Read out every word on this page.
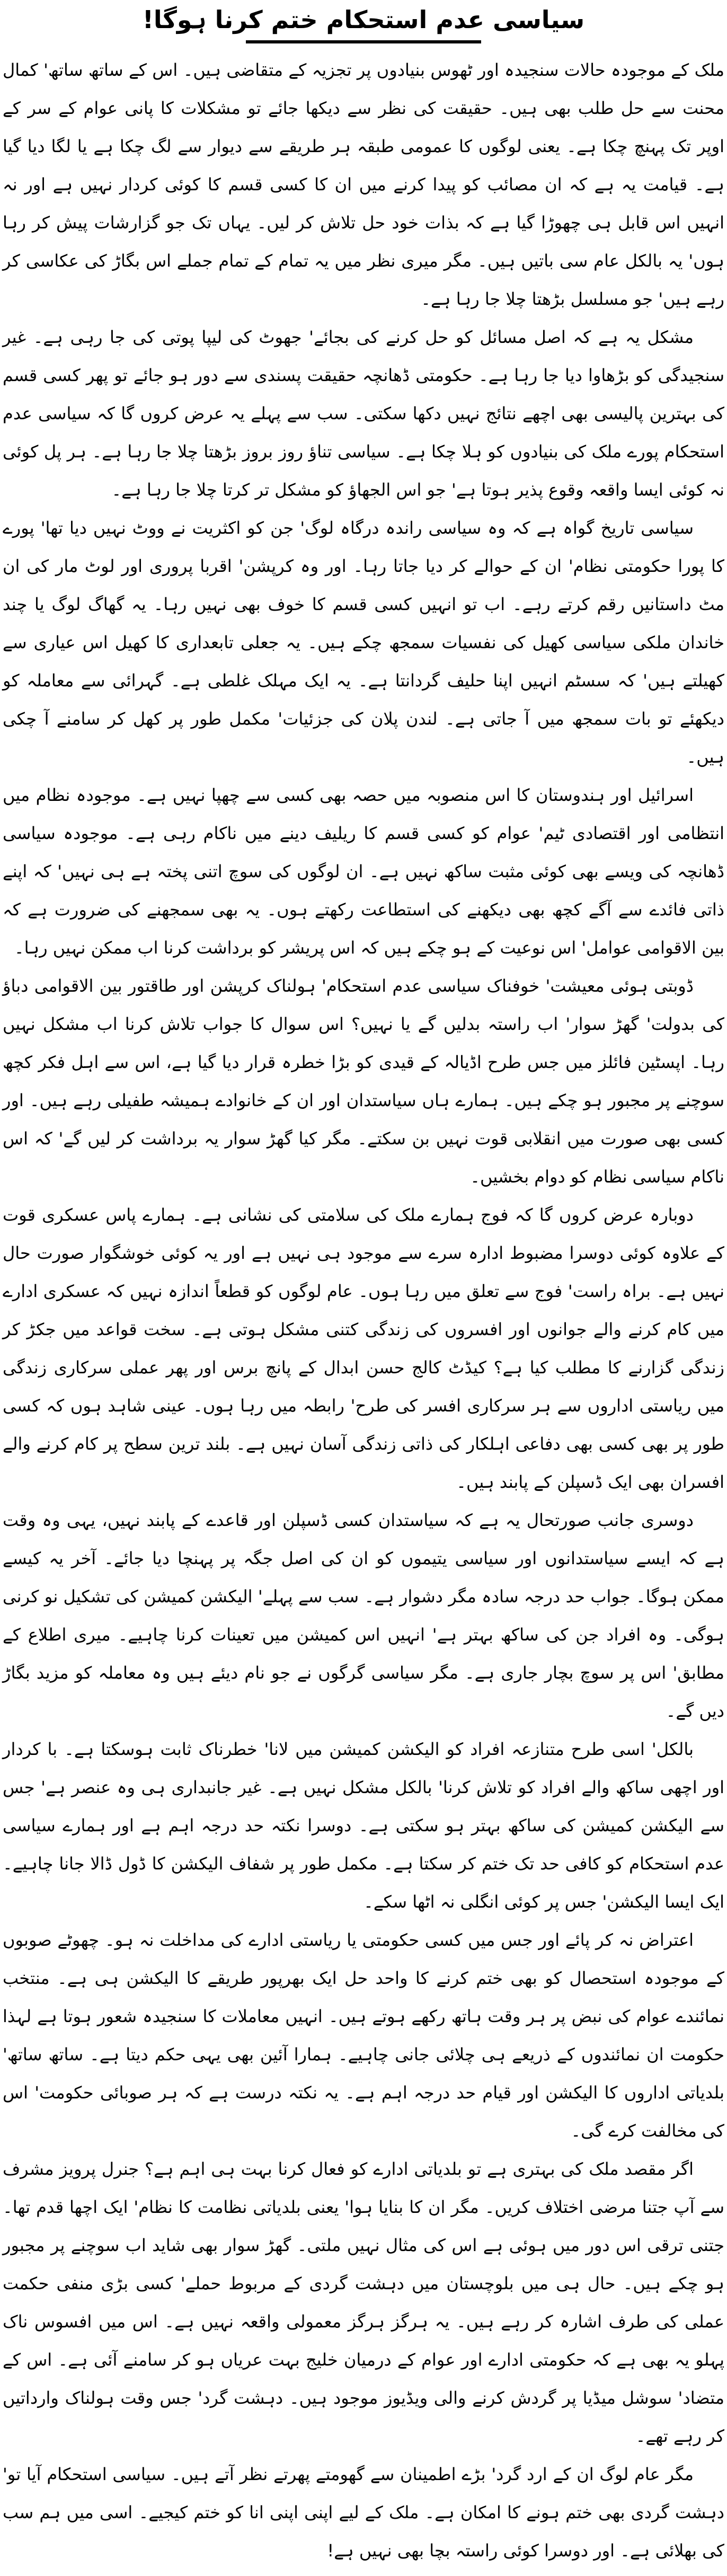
سیاسی عدم استحکام ختم کرنا ہوگا!

ملک کے موجودہ حالات سنجیدہ اور ٹھوس بنیادوں پر تجزیہ کے متقاضی ہیں۔ اس کے ساتھ ساتھ' کمال محنت سے حل طلب بھی ہیں۔ حقیقت کی نظر سے دیکھا جائے تو مشکلات کا پانی عوام کے سر کے اوپر تک پہنچ چکا ہے۔ یعنی لوگوں کا عمومی طبقہ ہر طریقے سے دیوار سے لگ چکا ہے یا لگا دیا گیا ہے۔ قیامت یہ ہے کہ ان مصائب کو پیدا کرنے میں ان کا کسی قسم کا کوئی کردار نہیں ہے اور نہ انہیں اس قابل ہی چھوڑا گیا ہے کہ بذات خود حل تلاش کر لیں۔ یہاں تک جو گزارشات پیش کر رہا ہوں' یہ بالکل عام سی باتیں ہیں۔ مگر میری نظر میں یہ تمام کے تمام جملے اس بگاڑ کی عکاسی کر رہے ہیں' جو مسلسل بڑھتا چلا جا رہا ہے۔

مشکل یہ ہے کہ اصل مسائل کو حل کرنے کی بجائے' جھوٹ کی لیپا پوتی کی جا رہی ہے۔ غیر سنجیدگی کو بڑھاوا دیا جا رہا ہے۔ حکومتی ڈھانچہ حقیقت پسندی سے دور ہو جائے تو پھر کسی قسم کی بہترین پالیسی بھی اچھے نتائج نہیں دکھا سکتی۔ سب سے پہلے یہ عرض کروں گا کہ سیاسی عدم استحکام پورے ملک کی بنیادوں کو ہلا چکا ہے۔ سیاسی تناؤ روز بروز بڑھتا چلا جا رہا ہے۔ ہر پل کوئی نہ کوئی ایسا واقعہ وقوع پذیر ہوتا ہے' جو اس الجھاؤ کو مشکل تر کرتا چلا جا رہا ہے۔

سیاسی تاریخ گواہ ہے کہ وہ سیاسی راندہ درگاہ لوگ' جن کو اکثریت نے ووٹ نہیں دیا تھا' پورے کا پورا حکومتی نظام' ان کے حوالے کر دیا جاتا رہا۔ اور وہ کرپشن' اقربا پروری اور لوٹ مار کی ان مٹ داستانیں رقم کرتے رہے۔ اب تو انہیں کسی قسم کا خوف بھی نہیں رہا۔ یہ گھاگ لوگ یا چند خاندان ملکی سیاسی کھیل کی نفسیات سمجھ چکے ہیں۔ یہ جعلی تابعداری کا کھیل اس عیاری سے کھیلتے ہیں' کہ سسٹم انہیں اپنا حلیف گردانتا ہے۔ یہ ایک مہلک غلطی ہے۔ گہرائی سے معاملہ کو دیکھئے تو بات سمجھ میں آ جاتی ہے۔ لندن پلان کی جزئیات' مکمل طور پر کھل کر سامنے آ چکی ہیں۔

اسرائیل اور ہندوستان کا اس منصوبہ میں حصہ بھی کسی سے چھپا نہیں ہے۔ موجودہ نظام میں انتظامی اور اقتصادی ٹیم' عوام کو کسی قسم کا ریلیف دینے میں ناکام رہی ہے۔ موجودہ سیاسی ڈھانچہ کی ویسے بھی کوئی مثبت ساکھ نہیں ہے۔ ان لوگوں کی سوچ اتنی پختہ ہے ہی نہیں' کہ اپنے ذاتی فائدے سے آگے کچھ بھی دیکھنے کی استطاعت رکھتے ہوں۔ یہ بھی سمجھنے کی ضرورت ہے کہ بین الاقوامی عوامل' اس نوعیت کے ہو چکے ہیں کہ اس پریشر کو برداشت کرنا اب ممکن نہیں رہا۔

ڈوبتی ہوئی معیشت' خوفناک سیاسی عدم استحکام' ہولناک کرپشن اور طاقتور بین الاقوامی دباؤ کی بدولت' گھڑ سوار' اب راستہ بدلیں گے یا نہیں؟ اس سوال کا جواب تلاش کرنا اب مشکل نہیں رہا۔ اپسٹین فائلز میں جس طرح اڈیالہ کے قیدی کو بڑا خطرہ قرار دیا گیا ہے، اس سے اہل فکر کچھ سوچنے پر مجبور ہو چکے ہیں۔ ہمارے ہاں سیاستدان اور ان کے خانوادے ہمیشہ طفیلی رہے ہیں۔ اور کسی بھی صورت میں انقلابی قوت نہیں بن سکتے۔ مگر کیا گھڑ سوار یہ برداشت کر لیں گے' کہ اس ناکام سیاسی نظام کو دوام بخشیں۔

دوبارہ عرض کروں گا کہ فوج ہمارے ملک کی سلامتی کی نشانی ہے۔ ہمارے پاس عسکری قوت کے علاوہ کوئی دوسرا مضبوط ادارہ سرے سے موجود ہی نہیں ہے اور یہ کوئی خوشگوار صورت حال نہیں ہے۔ براہ راست' فوج سے تعلق میں رہا ہوں۔ عام لوگوں کو قطعاً اندازہ نہیں کہ عسکری ادارے میں کام کرنے والے جوانوں اور افسروں کی زندگی کتنی مشکل ہوتی ہے۔ سخت قواعد میں جکڑ کر زندگی گزارنے کا مطلب کیا ہے؟ کیڈٹ کالج حسن ابدال کے پانچ برس اور پھر عملی سرکاری زندگی میں ریاستی اداروں سے ہر سرکاری افسر کی طرح' رابطہ میں رہا ہوں۔ عینی شاہد ہوں کہ کسی طور پر بھی کسی بھی دفاعی اہلکار کی ذاتی زندگی آسان نہیں ہے۔ بلند ترین سطح پر کام کرنے والے افسران بھی ایک ڈسپلن کے پابند ہیں۔

دوسری جانب صورتحال یہ ہے کہ سیاستدان کسی ڈسپلن اور قاعدے کے پابند نہیں، یہی وہ وقت ہے کہ ایسے سیاستدانوں اور سیاسی یتیموں کو ان کی اصل جگہ پر پہنچا دیا جائے۔ آخر یہ کیسے ممکن ہوگا۔ جواب حد درجہ سادہ مگر دشوار ہے۔ سب سے پہلے' الیکشن کمیشن کی تشکیل نو کرنی ہوگی۔ وہ افراد جن کی ساکھ بہتر ہے' انہیں اس کمیشن میں تعینات کرنا چاہیے۔ میری اطلاع کے مطابق' اس پر سوچ بچار جاری ہے۔ مگر سیاسی گرگوں نے جو نام دیئے ہیں وہ معاملہ کو مزید بگاڑ دیں گے۔

بالکل' اسی طرح متنازعہ افراد کو الیکشن کمیشن میں لانا' خطرناک ثابت ہوسکتا ہے۔ با کردار اور اچھی ساکھ والے افراد کو تلاش کرنا' بالکل مشکل نہیں ہے۔ غیر جانبداری ہی وہ عنصر ہے' جس سے الیکشن کمیشن کی ساکھ بہتر ہو سکتی ہے۔ دوسرا نکتہ حد درجہ اہم ہے اور ہمارے سیاسی عدم استحکام کو کافی حد تک ختم کر سکتا ہے۔ مکمل طور پر شفاف الیکشن کا ڈول ڈالا جانا چاہیے۔ ایک ایسا الیکشن' جس پر کوئی انگلی نہ اٹھا سکے۔

اعتراض نہ کر پائے اور جس میں کسی حکومتی یا ریاستی ادارے کی مداخلت نہ ہو۔ چھوٹے صوبوں کے موجودہ استحصال کو بھی ختم کرنے کا واحد حل ایک بھرپور طریقے کا الیکشن ہی ہے۔ منتخب نمائندے عوام کی نبض پر ہر وقت ہاتھ رکھے ہوتے ہیں۔ انہیں معاملات کا سنجیدہ شعور ہوتا ہے لہذا حکومت ان نمائندوں کے ذریعے ہی چلائی جانی چاہیے۔ ہمارا آئین بھی یہی حکم دیتا ہے۔ ساتھ ساتھ' بلدیاتی اداروں کا الیکشن اور قیام حد درجہ اہم ہے۔ یہ نکتہ درست ہے کہ ہر صوبائی حکومت' اس کی مخالفت کرے گی۔

اگر مقصد ملک کی بہتری ہے تو بلدیاتی ادارے کو فعال کرنا بہت ہی اہم ہے؟ جنرل پرویز مشرف سے آپ جتنا مرضی اختلاف کریں۔ مگر ان کا بنایا ہوا' یعنی بلدیاتی نظامت کا نظام' ایک اچھا قدم تھا۔ جتنی ترقی اس دور میں ہوئی ہے اس کی مثال نہیں ملتی۔ گھڑ سوار بھی شاید اب سوچنے پر مجبور ہو چکے ہیں۔ حال ہی میں بلوچستان میں دہشت گردی کے مربوط حملے' کسی بڑی منفی حکمت عملی کی طرف اشارہ کر رہے ہیں۔ یہ ہرگز ہرگز معمولی واقعہ نہیں ہے۔ اس میں افسوس ناک پہلو یہ بھی ہے کہ حکومتی ادارے اور عوام کے درمیان خلیج بہت عریاں ہو کر سامنے آئی ہے۔ اس کے متضاد' سوشل میڈیا پر گردش کرنے والی ویڈیوز موجود ہیں۔ دہشت گرد' جس وقت ہولناک وارداتیں کر رہے تھے۔

مگر عام لوگ ان کے ارد گرد' بڑے اطمینان سے گھومتے پھرتے نظر آتے ہیں۔ سیاسی استحکام آیا تو' دہشت گردی بھی ختم ہونے کا امکان ہے۔ ملک کے لیے اپنی اپنی انا کو ختم کیجیے۔ اسی میں ہم سب کی بھلائی ہے۔ اور دوسرا کوئی راستہ بچا بھی نہیں ہے!
